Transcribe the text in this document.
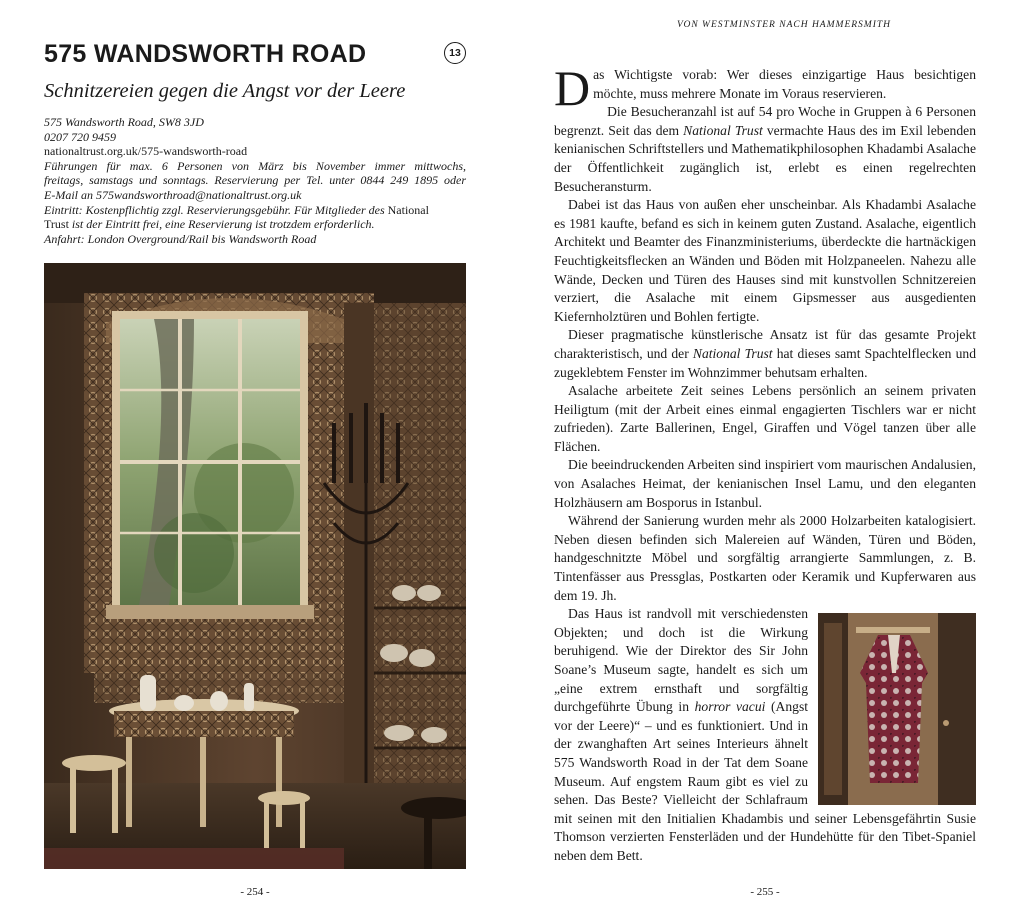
575 WANDSWORTH ROAD	13
Schnitzereien gegen die Angst vor der Leere
575 Wandsworth Road, SW8 3JD
0207 720 9459
nationaltrust.org.uk/575-wandsworth-road
Führungen für max. 6 Personen von März bis November immer mittwochs,
freitags, samstags und sonntags. Reservierung per Tel. unter 0844 249 1895 oder
E-Mail an 575wandsworthroad@nationaltrust.org.uk
Eintritt: Kostenpflichtig zzgl. Reservierungsgebühr. Für Mitglieder des National
Trust ist der Eintritt frei, eine Reservierung ist trotzdem erforderlich.
Anfahrt: London Overground/Rail bis Wandsworth Road
- 254 -
VON WESTMINSTER NACH HAMMERSMITH

Das Wichtigste vorab: Wer dieses einzigartige Haus besichtigen möchte, muss mehrere Monate im Voraus reservieren.

Die Besucheranzahl ist auf 54 pro Woche in Gruppen à 6 Personen begrenzt. Seit das dem National Trust vermachte Haus des im Exil lebenden kenianischen Schriftstellers und Mathematikphilosophen Khadambi Asalache der Öffentlichkeit zugänglich ist, erlebt es einen regelrechten Besucheransturm.

Dabei ist das Haus von außen eher unscheinbar. Als Khadambi Asalache es 1981 kaufte, befand es sich in keinem guten Zustand. Asalache, eigentlich Architekt und Beamter des Finanzministeriums, überdeckte die hartnäckigen Feuchtigkeitsflecken an Wänden und Böden mit Holzpaneelen. Nahezu alle Wände, Decken und Türen des Hauses sind mit kunstvollen Schnitzereien verziert, die Asalache mit einem Gipsmesser aus ausgedienten Kiefernholztüren und Bohlen fertigte.

Dieser pragmatische künstlerische Ansatz ist für das gesamte Projekt charakteristisch, und der National Trust hat dieses samt Spachtelflecken und zugeklebtem Fenster im Wohnzimmer behutsam erhalten.

Asalache arbeitete Zeit seines Lebens persönlich an seinem privaten Heiligtum (mit der Arbeit eines einmal engagierten Tischlers war er nicht zufrieden). Zarte Ballerinen, Engel, Giraffen und Vögel tanzen über alle Flächen.

Die beeindruckenden Arbeiten sind inspiriert vom maurischen Andalusien, von Asalaches Heimat, der kenianischen Insel Lamu, und den eleganten Holzhäusern am Bosporus in Istanbul.

Während der Sanierung wurden mehr als 2000 Holzarbeiten katalogisiert. Neben diesen befinden sich Malereien auf Wänden, Türen und Böden, handgeschnitzte Möbel und sorgfältig arrangierte Sammlungen, z. B. Tintenfässer aus Pressglas, Postkarten oder Keramik und Kupferwaren aus dem 19. Jh.

Das Haus ist randvoll mit verschiedensten Objekten; und doch ist die Wirkung beruhigend. Wie der Direktor des Sir John Soane’s Museum sagte, handelt es sich um „eine extrem ernsthaft und sorgfältig durchgeführte Übung in horror vacui (Angst vor der Leere)“ – und es funktioniert. Und in der zwanghaften Art seines Interieurs ähnelt 575 Wandsworth Road in der Tat dem Soane Museum. Auf engstem Raum gibt es viel zu sehen. Das Beste? Vielleicht der Schlafraum mit seinen mit den Initialien Khadambis und seiner Lebensgefährtin Susie Thomson verzierten Fensterläden und der Hundehütte für den Tibet-Spaniel neben dem Bett.

- 255 -
